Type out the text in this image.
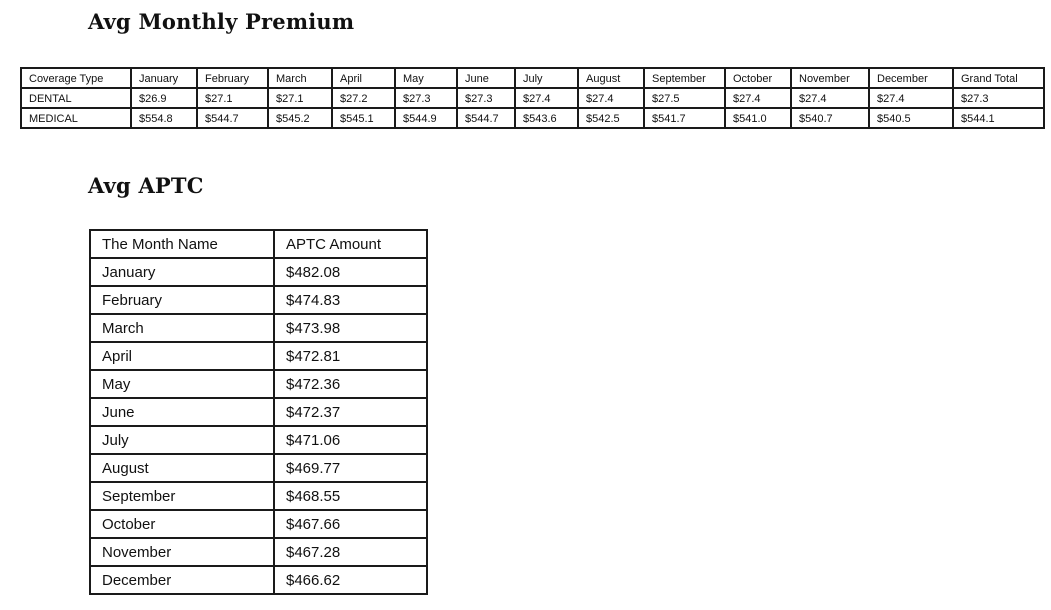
Avg Monthly Premium
Coverage Type	January	February	March	April	May	June	July	August	September	October	November	December	Grand Total
DENTAL	$26.9	$27.1	$27.1	$27.2	$27.3	$27.3	$27.4	$27.4	$27.5	$27.4	$27.4	$27.4	$27.3
MEDICAL	$554.8	$544.7	$545.2	$545.1	$544.9	$544.7	$543.6	$542.5	$541.7	$541.0	$540.7	$540.5	$544.1
Avg APTC
The Month Name	APTC Amount
January	$482.08
February	$474.83
March	$473.98
April	$472.81
May	$472.36
June	$472.37
July	$471.06
August	$469.77
September	$468.55
October	$467.66
November	$467.28
December	$466.62
